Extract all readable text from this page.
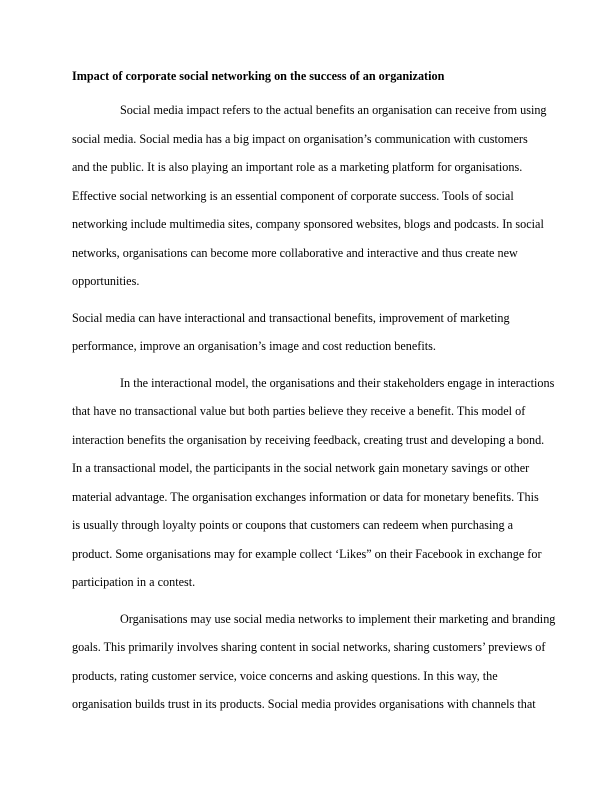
Impact of corporate social networking on the success of an organization
Social media impact refers to the actual benefits an organisation can receive from using
social media. Social media has a big impact on organisation’s communication with customers
and the public. It is also playing an important role as a marketing platform for organisations.
Effective social networking is an essential component of corporate success. Tools of social
networking include multimedia sites, company sponsored websites, blogs and podcasts. In social
networks, organisations can become more collaborative and interactive and thus create new
opportunities.
Social media can have interactional and transactional benefits, improvement of marketing
performance, improve an organisation’s image and cost reduction benefits.
In the interactional model, the organisations and their stakeholders engage in interactions
that have no transactional value but both parties believe they receive a benefit. This model of
interaction benefits the organisation by receiving feedback, creating trust and developing a bond.
In a transactional model, the participants in the social network gain monetary savings or other
material advantage. The organisation exchanges information or data for monetary benefits. This
is usually through loyalty points or coupons that customers can redeem when purchasing a
product. Some organisations may for example collect ‘Likes” on their Facebook in exchange for
participation in a contest.
Organisations may use social media networks to implement their marketing and branding
goals. This primarily involves sharing content in social networks, sharing customers’ previews of
products, rating customer service, voice concerns and asking questions. In this way, the
organisation builds trust in its products. Social media provides organisations with channels that
